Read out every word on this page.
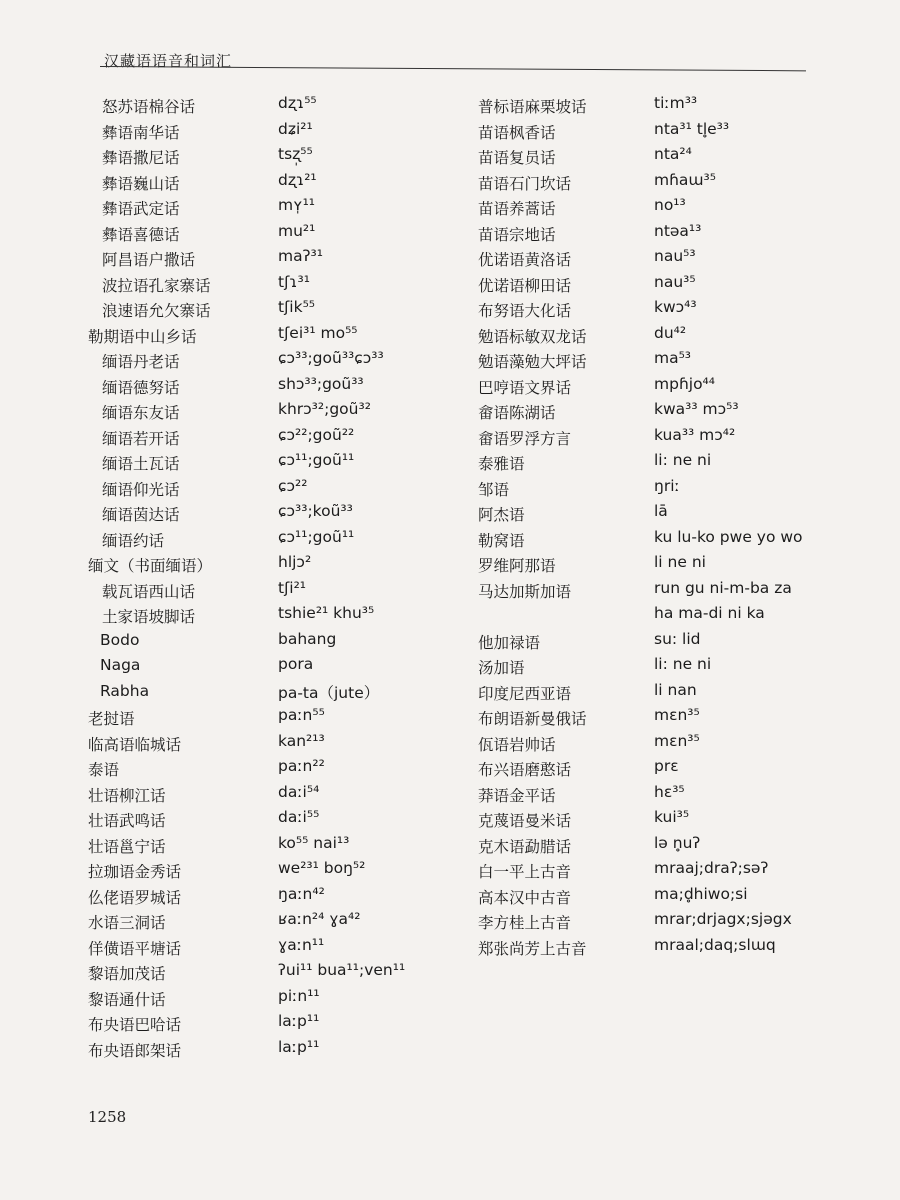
汉藏语语音和词汇
怒苏语棉谷话	dʐɿ⁵⁵
彝语南华话	dʑi²¹
彝语撒尼话	tsʐ̩⁵⁵
彝语巍山话	dʐɿ²¹
彝语武定话	mʏ̩¹¹
彝语喜德话	mu²¹
阿昌语户撒话	maʔ³¹
波拉语孔家寨话	tʃɿ³¹
浪速语允欠寨话	tʃik⁵⁵
勒期语中山乡话	tʃei³¹ mo⁵⁵
缅语丹老话	ɕɔ³³;goũ³³ɕɔ³³
缅语德努话	shɔ³³;goũ³³
缅语东友话	khrɔ³²;goũ³²
缅语若开话	ɕɔ²²;goũ²²
缅语土瓦话	ɕɔ¹¹;goũ¹¹
缅语仰光话	ɕɔ²²
缅语茵达话	ɕɔ³³;koũ³³
缅语约话	ɕɔ¹¹;goũ¹¹
缅文（书面缅语）	hljɔ²
载瓦语西山话	tʃi²¹
土家语坡脚话	tshie²¹ khu³⁵
Bodo	bahang
Naga	pora
Rabha	pa-ta（jute）
老挝语	paːn⁵⁵
临高语临城话	kan²¹³
泰语	paːn²²
壮语柳江话	daːi⁵⁴
壮语武鸣话	daːi⁵⁵
壮语邕宁话	ko⁵⁵ nai¹³
拉珈语金秀话	we²³¹ boŋ⁵²
仫佬语罗城话	ŋaːn⁴²
水语三洞话	ʁaːn²⁴ ɣa⁴²
佯僙语平塘话	ɣaːn¹¹
黎语加茂话	ʔui¹¹ bua¹¹;ven¹¹
黎语通什话	piːn¹¹
布央语巴哈话	laːp¹¹
布央语郎架话	laːp¹¹
普标语麻栗坡话	tiːm³³
苗语枫香话	nta³¹ tl̥e³³
苗语复员话	nta²⁴
苗语石门坎话	mɦaɯ³⁵
苗语养蒿话	no¹³
苗语宗地话	ntəa¹³
优诺语黄洛话	nau⁵³
优诺语柳田话	nau³⁵
布努语大化话	kwɔ⁴³
勉语标敏双龙话	du⁴²
勉语藻勉大坪话	ma⁵³
巴哼语文界话	mpɦjo⁴⁴
畲语陈湖话	kwa³³ mɔ⁵³
畲语罗浮方言	kua³³ mɔ⁴²
泰雅语	li: ne ni
邹语	ŋriː
阿杰语	lā
勒窝语	ku lu-ko pwe yo wo
罗维阿那语	li ne ni
马达加斯加语	run gu ni-m-ba za
ha ma-di ni ka
他加禄语	su: lid
汤加语	li: ne ni
印度尼西亚语	li nan
布朗语新曼俄话	mɛn³⁵
佤语岩帅话	mɛn³⁵
布兴语磨憨话	prɛ
莽语金平话	hɛ³⁵
克蔑语曼米话	kui³⁵
克木语勐腊话	lə n̥uʔ
白一平上古音	mraaj;draʔ;səʔ
高本汉中古音	ma;d̥hiwo;si
李方桂上古音	mrar;drjagx;sjəgx
郑张尚芳上古音	mraal;daq;slɯq
1258
